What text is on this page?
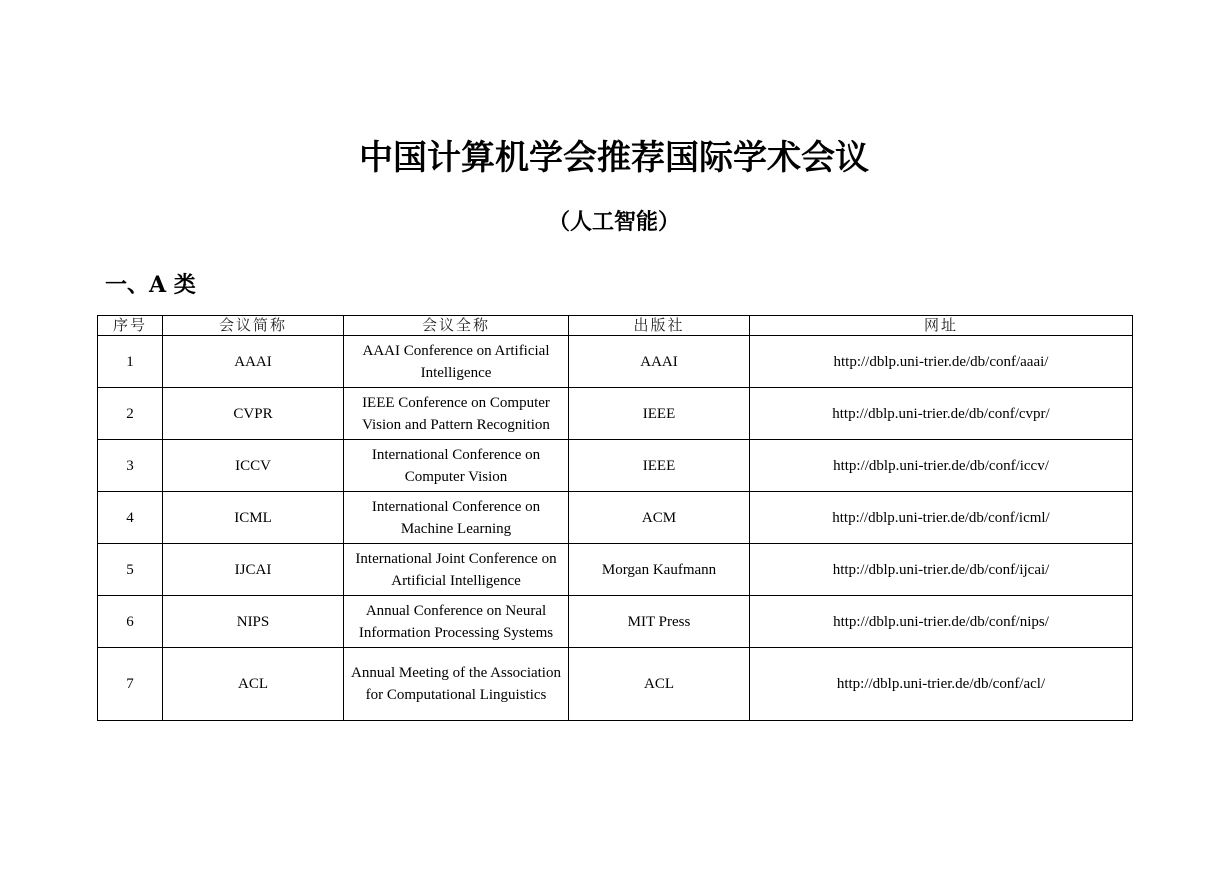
中国计算机学会推荐国际学术会议
（人工智能）
一、A 类
序号	会议简称	会议全称	出版社	网址
1	AAAI	AAAI Conference on Artificial Intelligence	AAAI	http://dblp.uni-trier.de/db/conf/aaai/
2	CVPR	IEEE Conference on Computer Vision and Pattern Recognition	IEEE	http://dblp.uni-trier.de/db/conf/cvpr/
3	ICCV	International Conference on Computer Vision	IEEE	http://dblp.uni-trier.de/db/conf/iccv/
4	ICML	International Conference on Machine Learning	ACM	http://dblp.uni-trier.de/db/conf/icml/
5	IJCAI	International Joint Conference on Artificial Intelligence	Morgan Kaufmann	http://dblp.uni-trier.de/db/conf/ijcai/
6	NIPS	Annual Conference on Neural Information Processing Systems	MIT Press	http://dblp.uni-trier.de/db/conf/nips/
7	ACL	Annual Meeting of the Association for Computational Linguistics	ACL	http://dblp.uni-trier.de/db/conf/acl/
